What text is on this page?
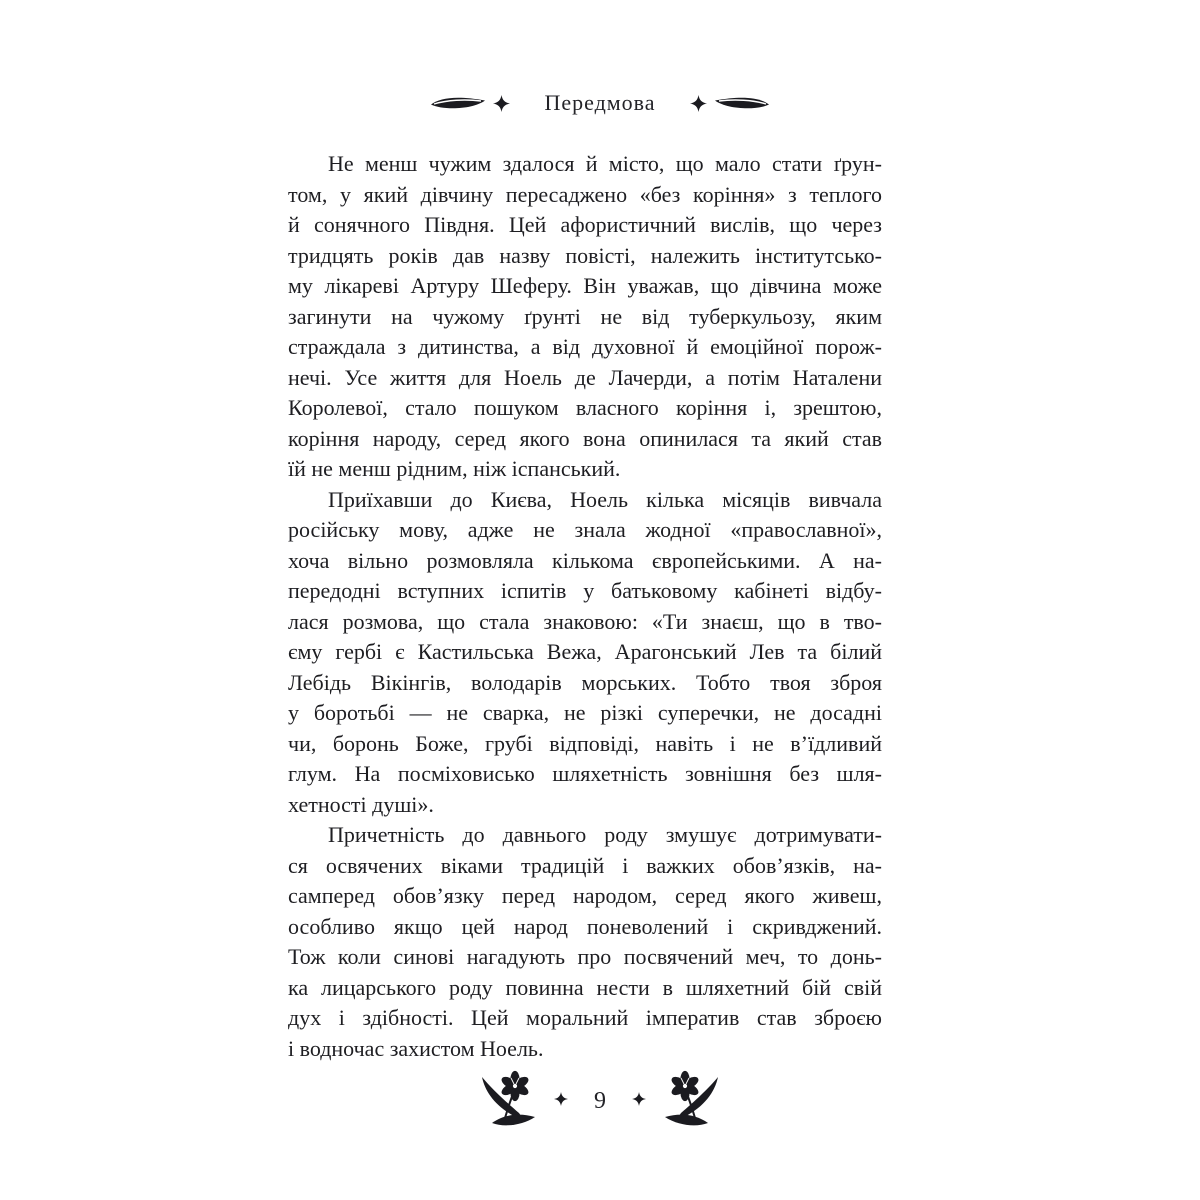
Передмова

Не менш чужим здалося й місто, що мало стати ґрун-
том, у який дівчину пересаджено «без коріння» з теплого
й сонячного Півдня. Цей афористичний вислів, що через
тридцять років дав назву повісті, належить інститутсько-
му лікареві Артуру Шеферу. Він уважав, що дівчина може
загинути на чужому ґрунті не від туберкульозу, яким
страждала з дитинства, а від духовної й емоційної порож-
нечі. Усе життя для Ноель де Лачерди, а потім Наталени
Королевої, стало пошуком власного коріння і, зрештою,
коріння народу, серед якого вона опинилася та який став
їй не менш рідним, ніж іспанський.

Приїхавши до Києва, Ноель кілька місяців вивчала
російську мову, адже не знала жодної «православної»,
хоча вільно розмовляла кількома європейськими. А на-
передодні вступних іспитів у батьковому кабінеті відбу-
лася розмова, що стала знаковою: «Ти знаєш, що в тво-
єму гербі є Кастильська Вежа, Арагонський Лев та білий
Лебідь Вікінгів, володарів морських. Тобто твоя зброя
у боротьбі — не сварка, не різкі суперечки, не досадні
чи, боронь Боже, грубі відповіді, навіть і не в’їдливий
глум. На посміховисько шляхетність зовнішня без шля-
хетності душі».

Причетність до давнього роду змушує дотримувати-
ся освячених віками традицій і важких обов’язків, на-
самперед обов’язку перед народом, серед якого живеш,
особливо якщо цей народ поневолений і скривджений.
Тож коли синові нагадують про посвячений меч, то донь-
ка лицарського роду повинна нести в шляхетний бій свій
дух і здібності. Цей моральний імператив став зброєю
і водночас захистом Ноель.

9
